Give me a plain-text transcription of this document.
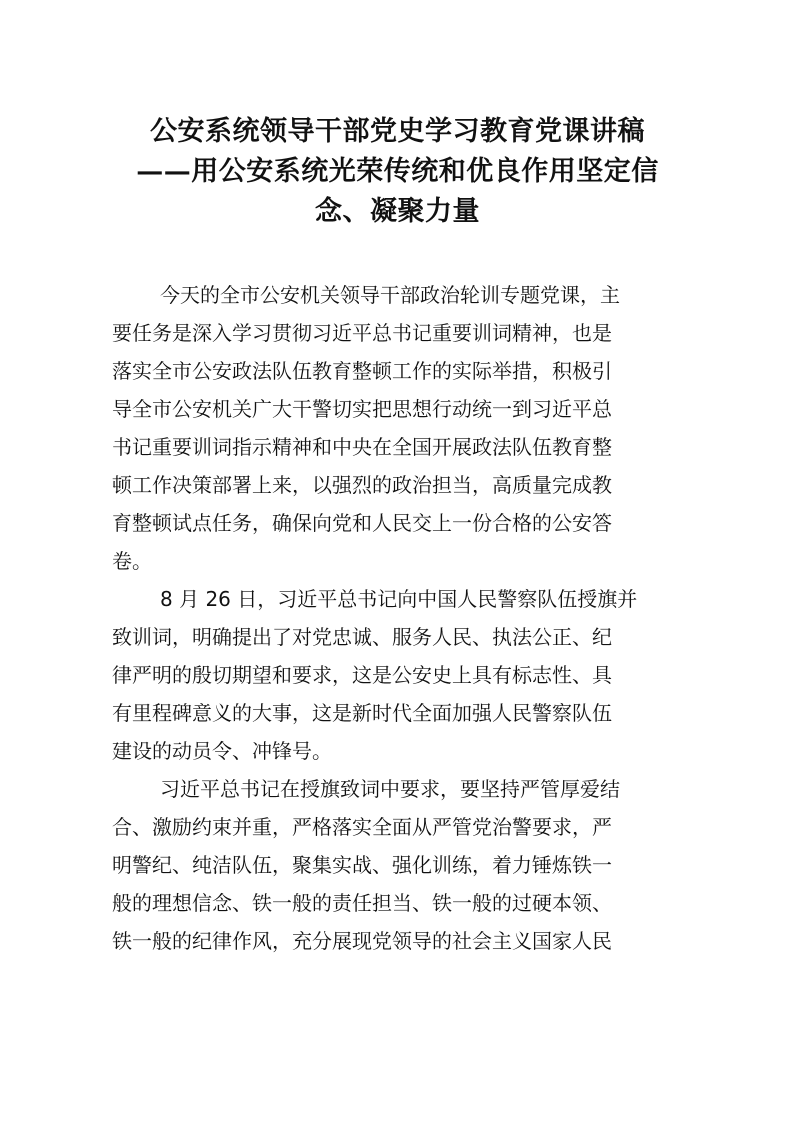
公安系统领导干部党史学习教育党课讲稿
——用公安系统光荣传统和优良作用坚定信
念、凝聚力量
今天的全市公安机关领导干部政治轮训专题党课，主
要任务是深入学习贯彻习近平总书记重要训词精神，也是
落实全市公安政法队伍教育整顿工作的实际举措，积极引
导全市公安机关广大干警切实把思想行动统一到习近平总
书记重要训词指示精神和中央在全国开展政法队伍教育整
顿工作决策部署上来，以强烈的政治担当，高质量完成教
育整顿试点任务，确保向党和人民交上一份合格的公安答
卷。
8 月 26 日，习近平总书记向中国人民警察队伍授旗并
致训词，明确提出了对党忠诚、服务人民、执法公正、纪
律严明的殷切期望和要求，这是公安史上具有标志性、具
有里程碑意义的大事，这是新时代全面加强人民警察队伍
建设的动员令、冲锋号。
习近平总书记在授旗致词中要求，要坚持严管厚爱结
合、激励约束并重，严格落实全面从严管党治警要求，严
明警纪、纯洁队伍，聚集实战、强化训练，着力锤炼铁一
般的理想信念、铁一般的责任担当、铁一般的过硬本领、
铁一般的纪律作风，充分展现党领导的社会主义国家人民
